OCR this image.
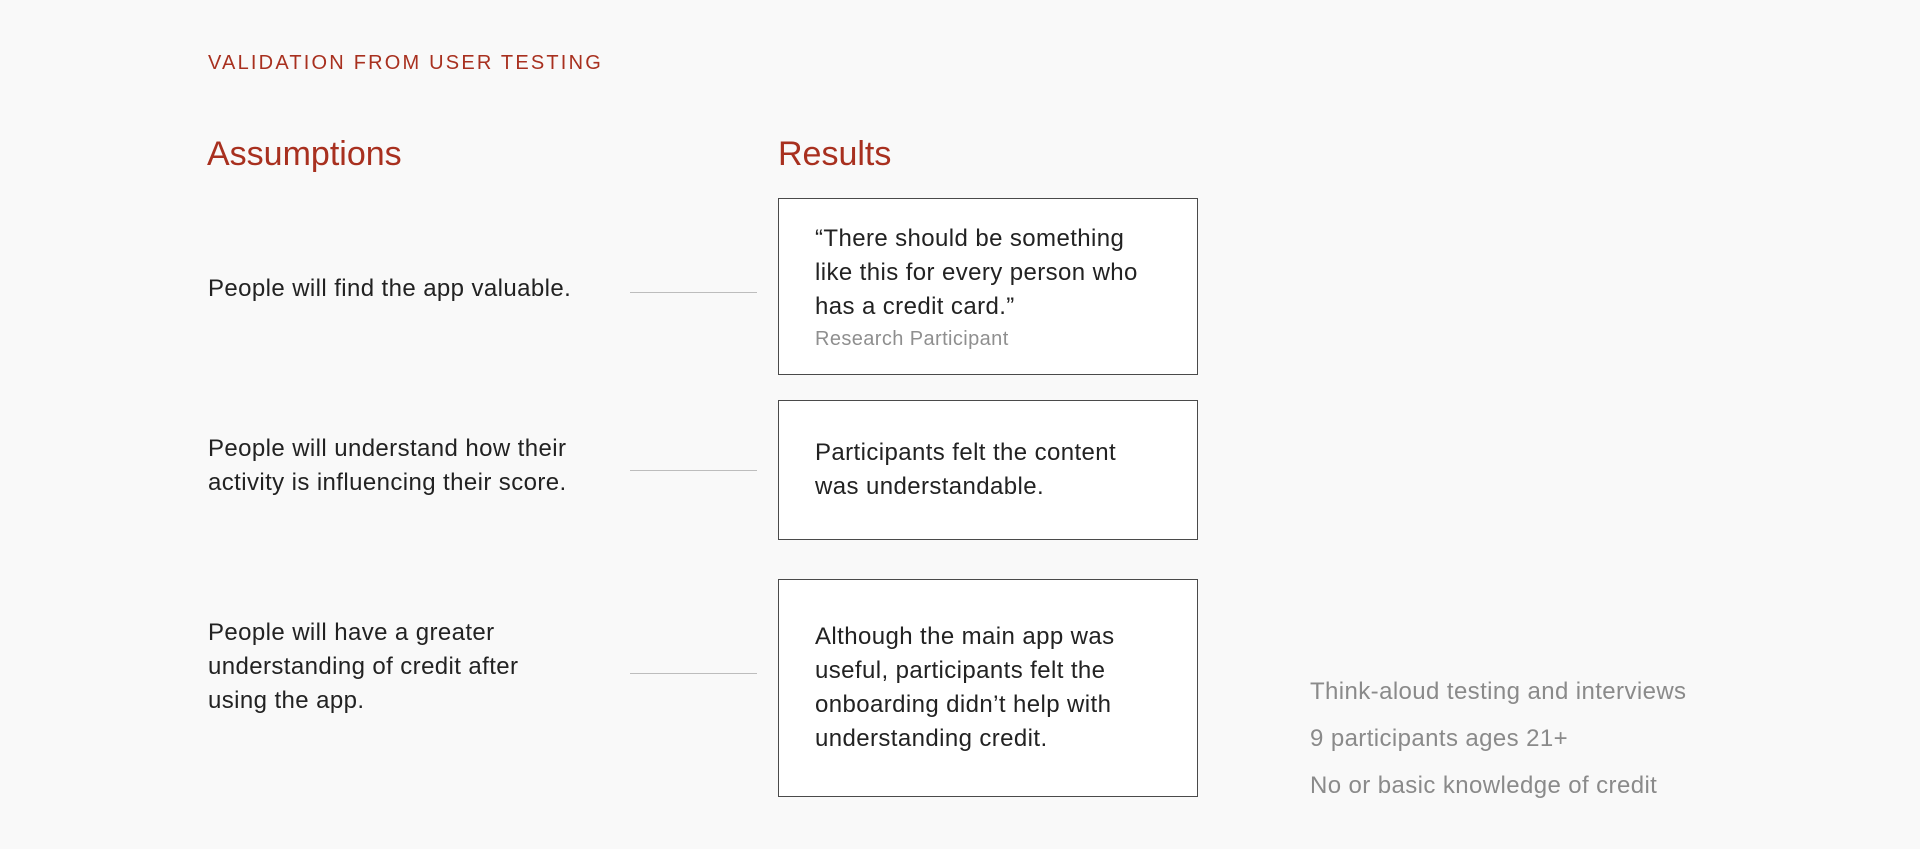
VALIDATION FROM USER TESTING
Assumptions	Results
People will find the app valuable.
“There should be something like this for every person who has a credit card.”
Research Participant
People will understand how their activity is influencing their score.
Participants felt the content was understandable.
People will have a greater understanding of credit after using the app.
Although the main app was useful, participants felt the onboarding didn’t help with understanding credit.
Think-aloud testing and interviews
9 participants ages 21+
No or basic knowledge of credit
